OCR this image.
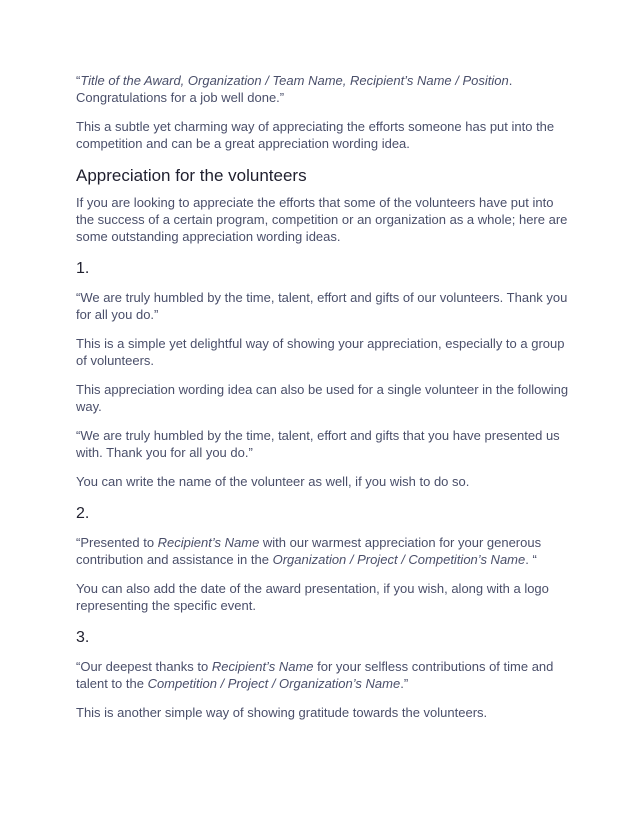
“Title of the Award, Organization / Team Name, Recipient’s Name / Position. Congratulations for a job well done.”

This a subtle yet charming way of appreciating the efforts someone has put into the competition and can be a great appreciation wording idea.

Appreciation for the volunteers

If you are looking to appreciate the efforts that some of the volunteers have put into the success of a certain program, competition or an organization as a whole; here are some outstanding appreciation wording ideas.

1.

“We are truly humbled by the time, talent, effort and gifts of our volunteers. Thank you for all you do.”

This is a simple yet delightful way of showing your appreciation, especially to a group of volunteers.

This appreciation wording idea can also be used for a single volunteer in the following way.

“We are truly humbled by the time, talent, effort and gifts that you have presented us with. Thank you for all you do.”

You can write the name of the volunteer as well, if you wish to do so.

2.

“Presented to Recipient’s Name with our warmest appreciation for your generous contribution and assistance in the Organization / Project / Competition’s Name. “

You can also add the date of the award presentation, if you wish, along with a logo representing the specific event.

3.

“Our deepest thanks to Recipient’s Name for your selfless contributions of time and talent to the Competition / Project / Organization’s Name.”

This is another simple way of showing gratitude towards the volunteers.
